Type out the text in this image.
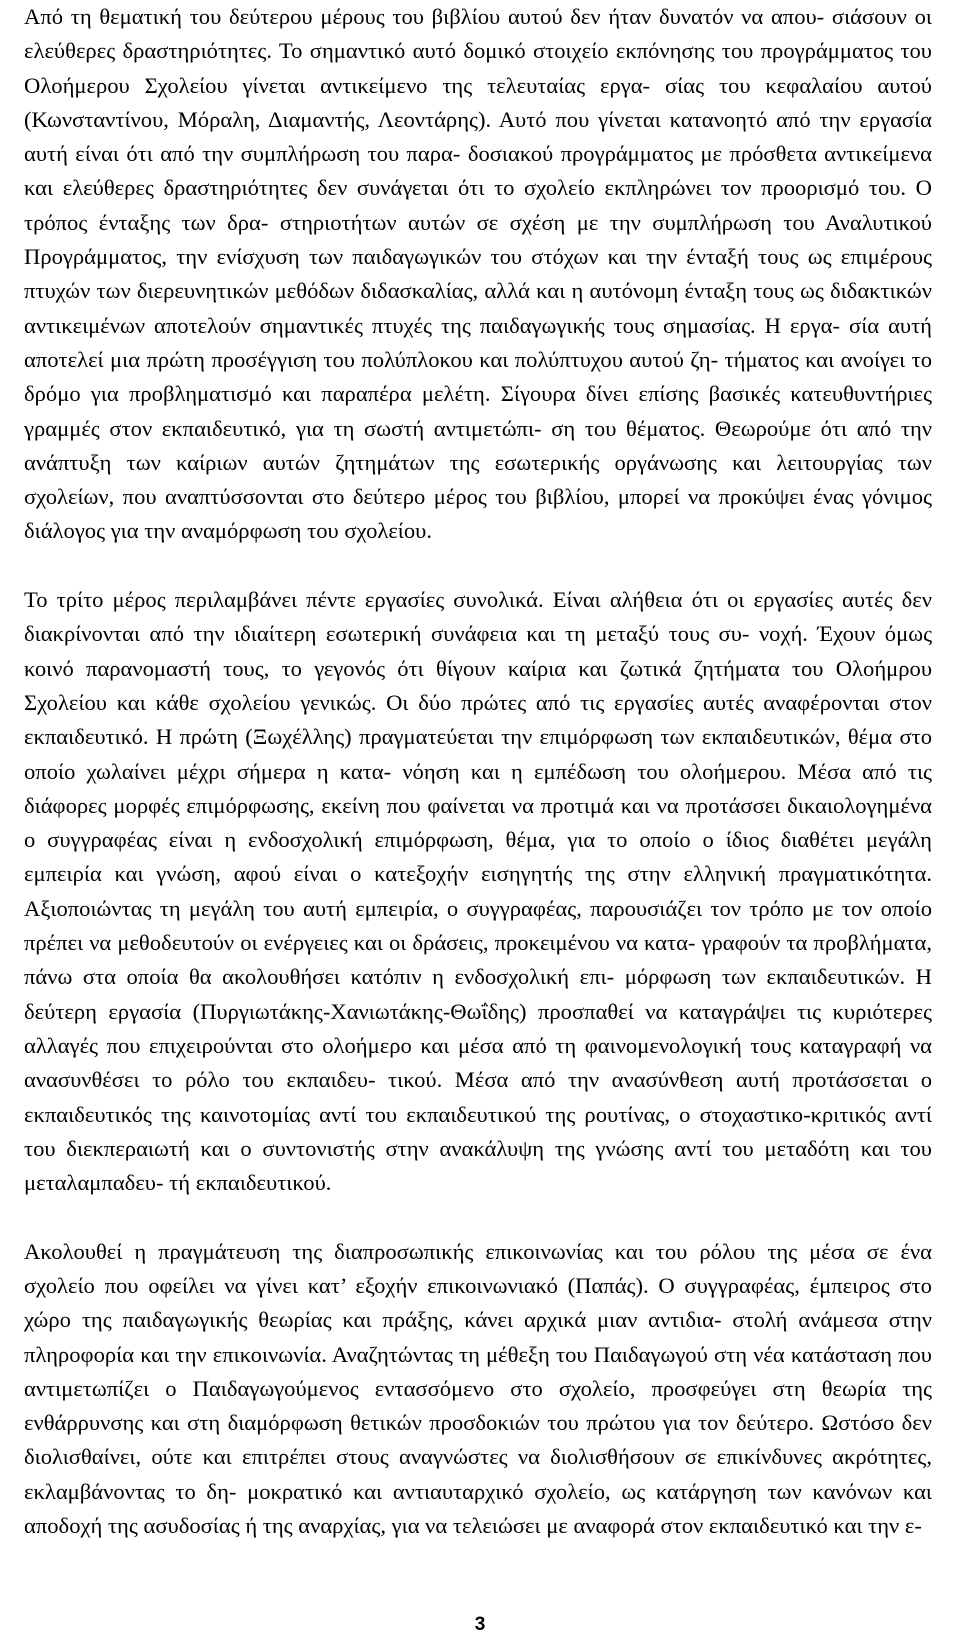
Από τη θεματική του δεύτερου μέρους του βιβλίου αυτού δεν ήταν δυνατόν να απου- σιάσουν οι ελεύθερες δραστηριότητες. Το σημαντικό αυτό δομικό στοιχείο εκπόνησης του προγράμματος του Ολοήμερου Σχολείου γίνεται αντικείμενο της τελευταίας εργα- σίας του κεφαλαίου αυτού (Κωνσταντίνου, Μόραλη, Διαμαντής, Λεοντάρης). Αυτό που γίνεται κατανοητό από την εργασία αυτή είναι ότι από την συμπλήρωση του παρα- δοσιακού προγράμματος με πρόσθετα αντικείμενα και ελεύθερες δραστηριότητες δεν συνάγεται ότι το σχολείο εκπληρώνει τον προορισμό του. Ο τρόπος ένταξης των δρα- στηριοτήτων αυτών σε σχέση με την συμπλήρωση του Αναλυτικού Προγράμματος, την ενίσχυση των παιδαγωγικών του στόχων και την ένταξή τους ως επιμέρους πτυχών των διερευνητικών μεθόδων διδασκαλίας, αλλά και η αυτόνομη ένταξη τους ως διδακτικών αντικειμένων αποτελούν σημαντικές πτυχές της παιδαγωγικής τους σημασίας. Η εργα- σία αυτή αποτελεί μια πρώτη προσέγγιση του πολύπλοκου και πολύπτυχου αυτού ζη- τήματος και ανοίγει το δρόμο για προβληματισμό και παραπέρα μελέτη. Σίγουρα δίνει επίσης βασικές κατευθυντήριες γραμμές στον εκπαιδευτικό, για τη σωστή αντιμετώπι- ση του θέματος. Θεωρούμε ότι από την ανάπτυξη των καίριων αυτών ζητημάτων της εσωτερικής οργάνωσης και λειτουργίας των σχολείων, που αναπτύσσονται στο δεύτερο μέρος του βιβλίου, μπορεί να προκύψει ένας γόνιμος διάλογος για την αναμόρφωση του σχολείου.

Το τρίτο μέρος περιλαμβάνει πέντε εργασίες συνολικά. Είναι αλήθεια ότι οι εργασίες αυτές δεν διακρίνονται από την ιδιαίτερη εσωτερική συνάφεια και τη μεταξύ τους συ- νοχή. Έχουν όμως κοινό παρανομαστή τους, το γεγονός ότι θίγουν καίρια και ζωτικά ζητήματα του Ολοήμρου Σχολείου και κάθε σχολείου γενικώς. Οι δύο πρώτες από τις εργασίες αυτές αναφέρονται στον εκπαιδευτικό. Η πρώτη (Ξωχέλλης) πραγματεύεται την επιμόρφωση των εκπαιδευτικών, θέμα στο οποίο χωλαίνει μέχρι σήμερα η κατα- νόηση και η εμπέδωση του ολοήμερου. Μέσα από τις διάφορες μορφές επιμόρφωσης, εκείνη που φαίνεται να προτιμά και να προτάσσει δικαιολογημένα ο συγγραφέας είναι η ενδοσχολική επιμόρφωση, θέμα, για το οποίο ο ίδιος διαθέτει μεγάλη εμπειρία και γνώση, αφού είναι ο κατεξοχήν εισηγητής της στην ελληνική πραγματικότητα. Αξιοποιώντας τη μεγάλη του αυτή εμπειρία, ο συγγραφέας, παρουσιάζει τον τρόπο με τον οποίο πρέπει να μεθοδευτούν οι ενέργειες και οι δράσεις, προκειμένου να κατα- γραφούν τα προβλήματα, πάνω στα οποία θα ακολουθήσει κατόπιν η ενδοσχολική επι- μόρφωση των εκπαιδευτικών. Η δεύτερη εργασία (Πυργιωτάκης-Χανιωτάκης-Θωΐδης) προσπαθεί να καταγράψει τις κυριότερες αλλαγές που επιχειρούνται στο ολοήμερο και μέσα από τη φαινομενολογική τους καταγραφή να ανασυνθέσει το ρόλο του εκπαιδευ- τικού. Μέσα από την ανασύνθεση αυτή προτάσσεται ο εκπαιδευτικός της καινοτομίας αντί του εκπαιδευτικού της ρουτίνας, ο στοχαστικο-κριτικός αντί του διεκπεραιωτή και ο συντονιστής στην ανακάλυψη της γνώσης αντί του μεταδότη και του μεταλαμπαδευ- τή εκπαιδευτικού.

Ακολουθεί η πραγμάτευση της διαπροσωπικής επικοινωνίας και του ρόλου της μέσα σε ένα σχολείο που οφείλει να γίνει κατ’ εξοχήν επικοινωνιακό (Παπάς). Ο συγγραφέας, έμπειρος στο χώρο της παιδαγωγικής θεωρίας και πράξης, κάνει αρχικά μιαν αντιδια- στολή ανάμεσα στην πληροφορία και την επικοινωνία. Αναζητώντας τη μέθεξη του Παιδαγωγού στη νέα κατάσταση που αντιμετωπίζει ο Παιδαγωγούμενος εντασσόμενο στο σχολείο, προσφεύγει στη θεωρία της ενθάρρυνσης και στη διαμόρφωση θετικών προσδοκιών του πρώτου για τον δεύτερο. Ωστόσο δεν διολισθαίνει, ούτε και επιτρέπει στους αναγνώστες να διολισθήσουν σε επικίνδυνες ακρότητες, εκλαμβάνοντας το δη- μοκρατικό και αντιαυταρχικό σχολείο, ως κατάργηση των κανόνων και αποδοχή της ασυδοσίας ή της αναρχίας, για να τελειώσει με αναφορά στον εκπαιδευτικό και την ε-

3
